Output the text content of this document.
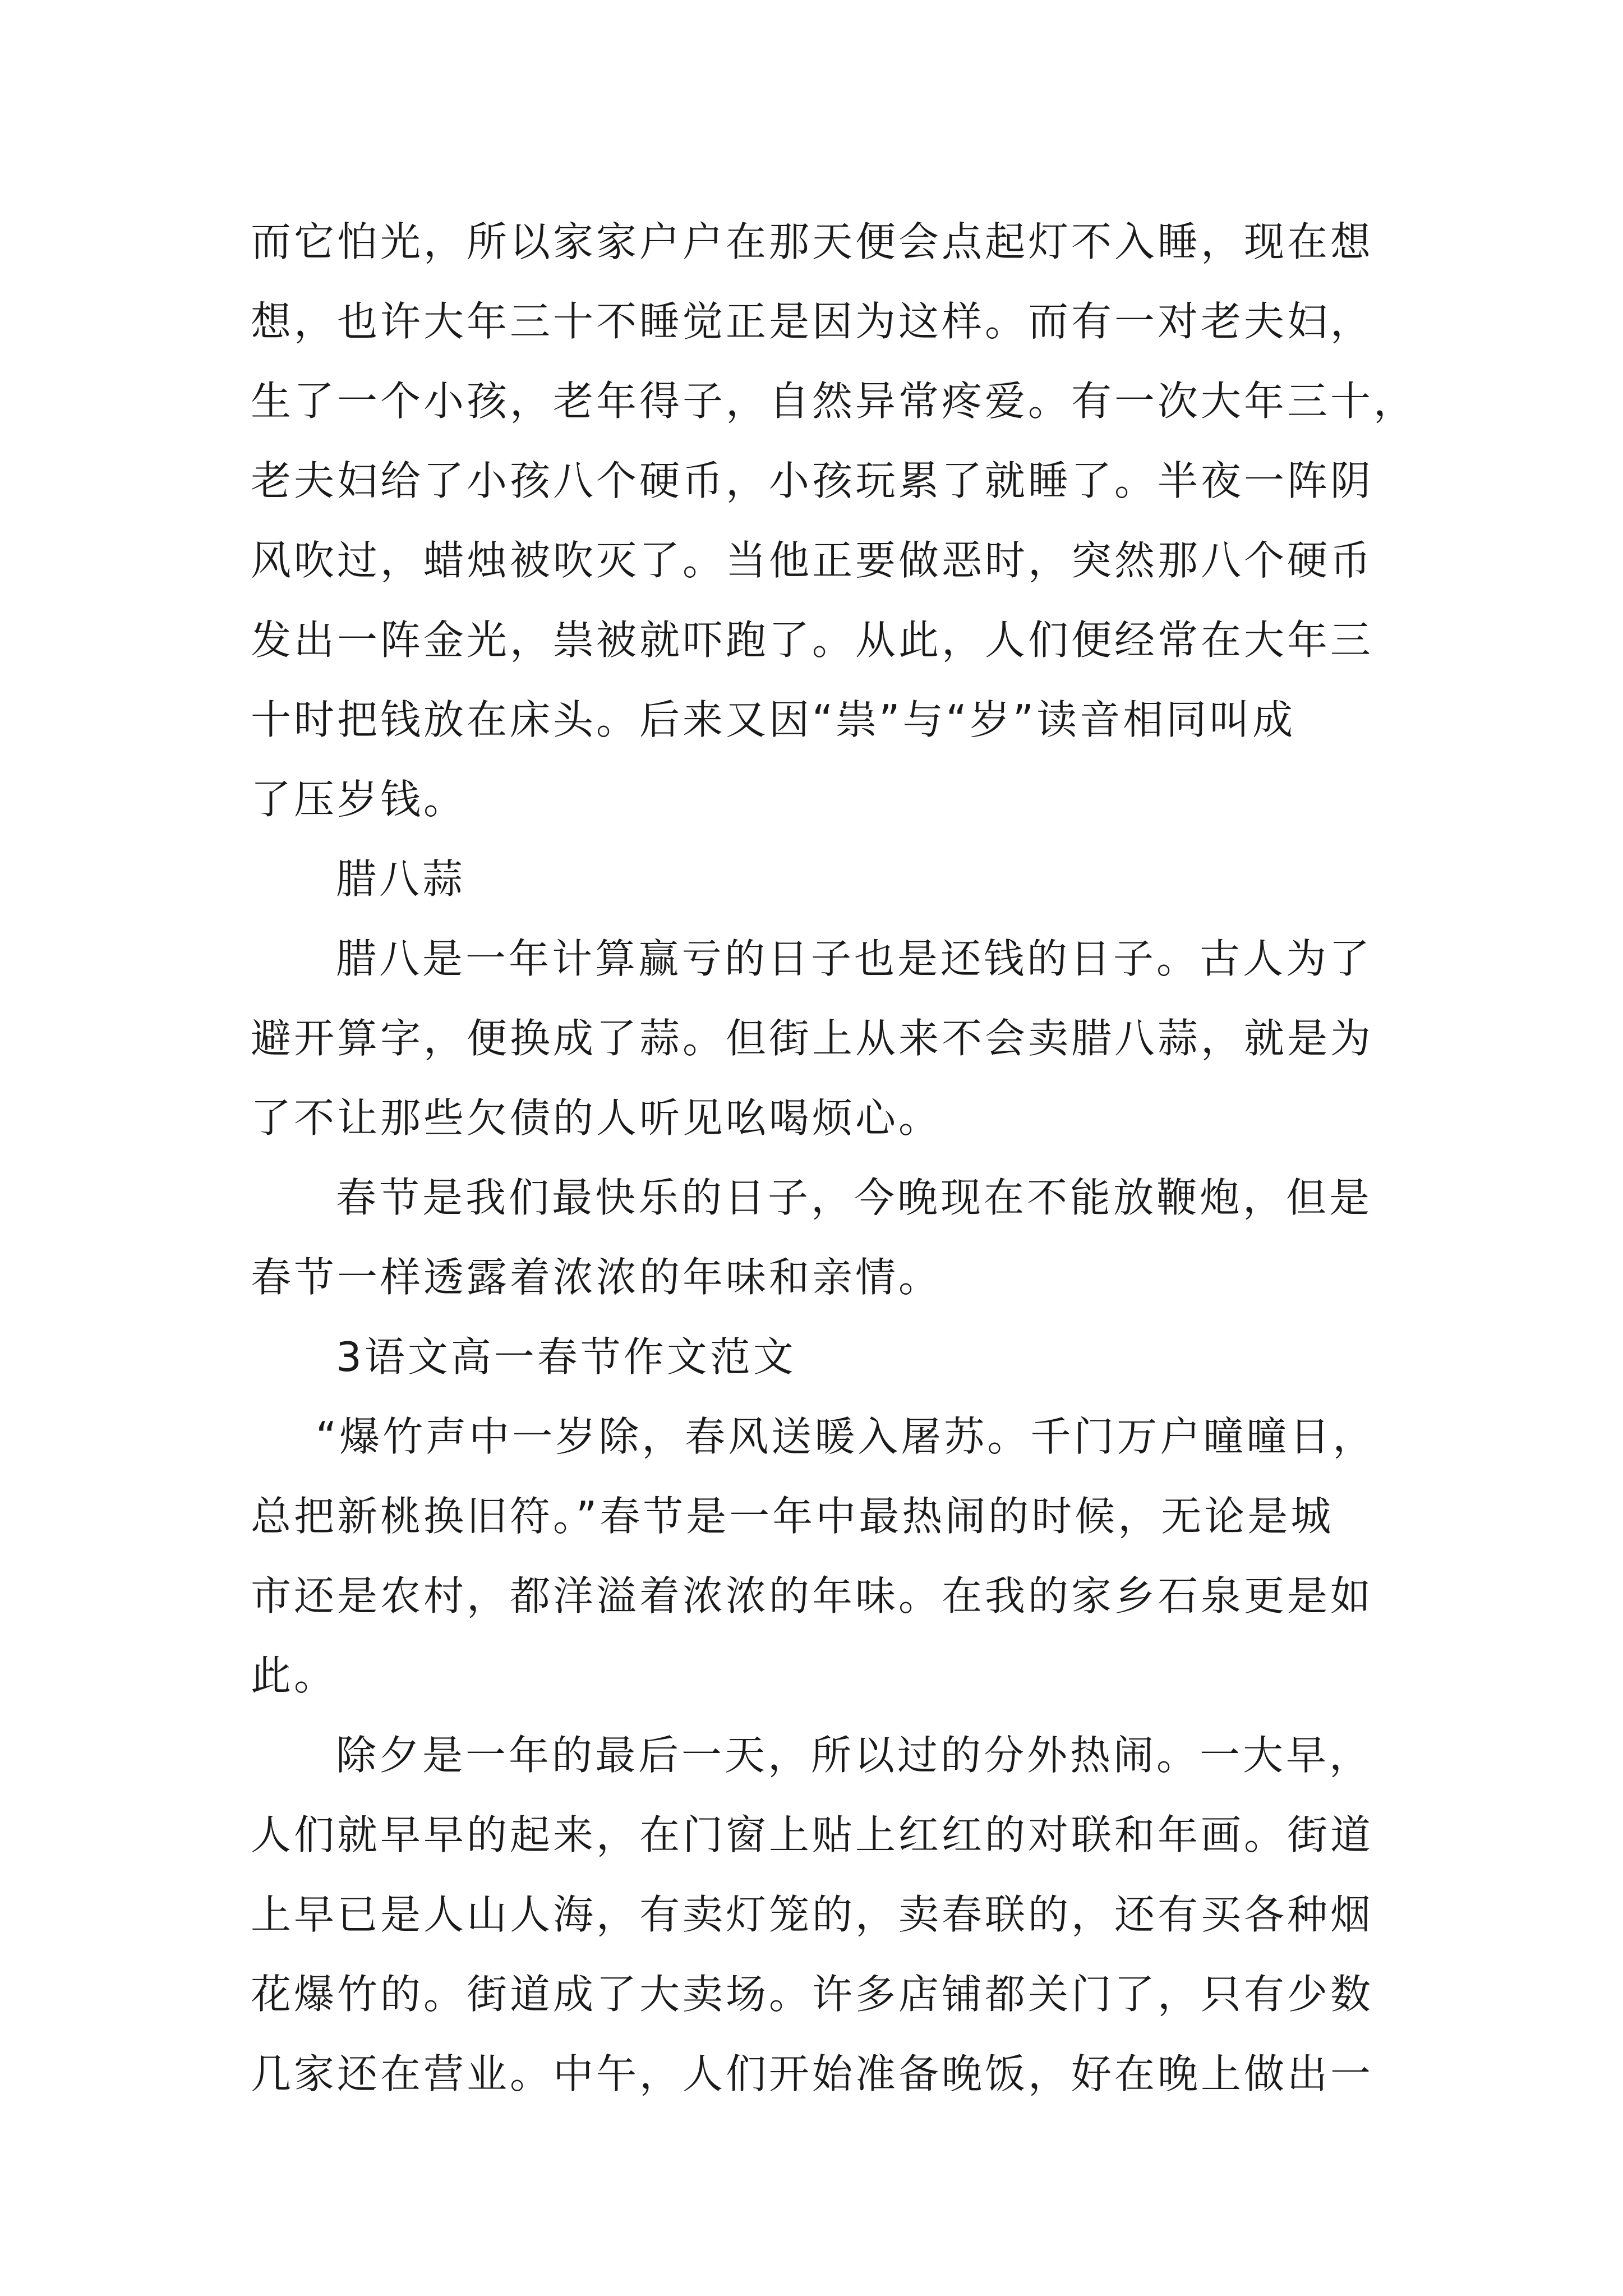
而它怕光，所以家家户户在那天便会点起灯不入睡，现在想
想，也许大年三十不睡觉正是因为这样。而有一对老夫妇，
生了一个小孩，老年得子，自然异常疼爱。有一次大年三十，
老夫妇给了小孩八个硬币，小孩玩累了就睡了。半夜一阵阴
风吹过，蜡烛被吹灭了。当他正要做恶时，突然那八个硬币
发出一阵金光，祟被就吓跑了。从此，人们便经常在大年三
十时把钱放在床头。后来又因“祟”与“岁”读音相同叫成
了压岁钱。
腊八蒜
腊八是一年计算赢亏的日子也是还钱的日子。古人为了
避开算字，便换成了蒜。但街上从来不会卖腊八蒜，就是为
了不让那些欠债的人听见吆喝烦心。
春节是我们最快乐的日子，今晚现在不能放鞭炮，但是
春节一样透露着浓浓的年味和亲情。
3语文高一春节作文范文
“爆竹声中一岁除，春风送暖入屠苏。千门万户曈曈日，
总把新桃换旧符。”春节是一年中最热闹的时候，无论是城
市还是农村，都洋溢着浓浓的年味。在我的家乡石泉更是如
此。
除夕是一年的最后一天，所以过的分外热闹。一大早，
人们就早早的起来，在门窗上贴上红红的对联和年画。街道
上早已是人山人海，有卖灯笼的，卖春联的，还有买各种烟
花爆竹的。街道成了大卖场。许多店铺都关门了，只有少数
几家还在营业。中午，人们开始准备晚饭，好在晚上做出一
